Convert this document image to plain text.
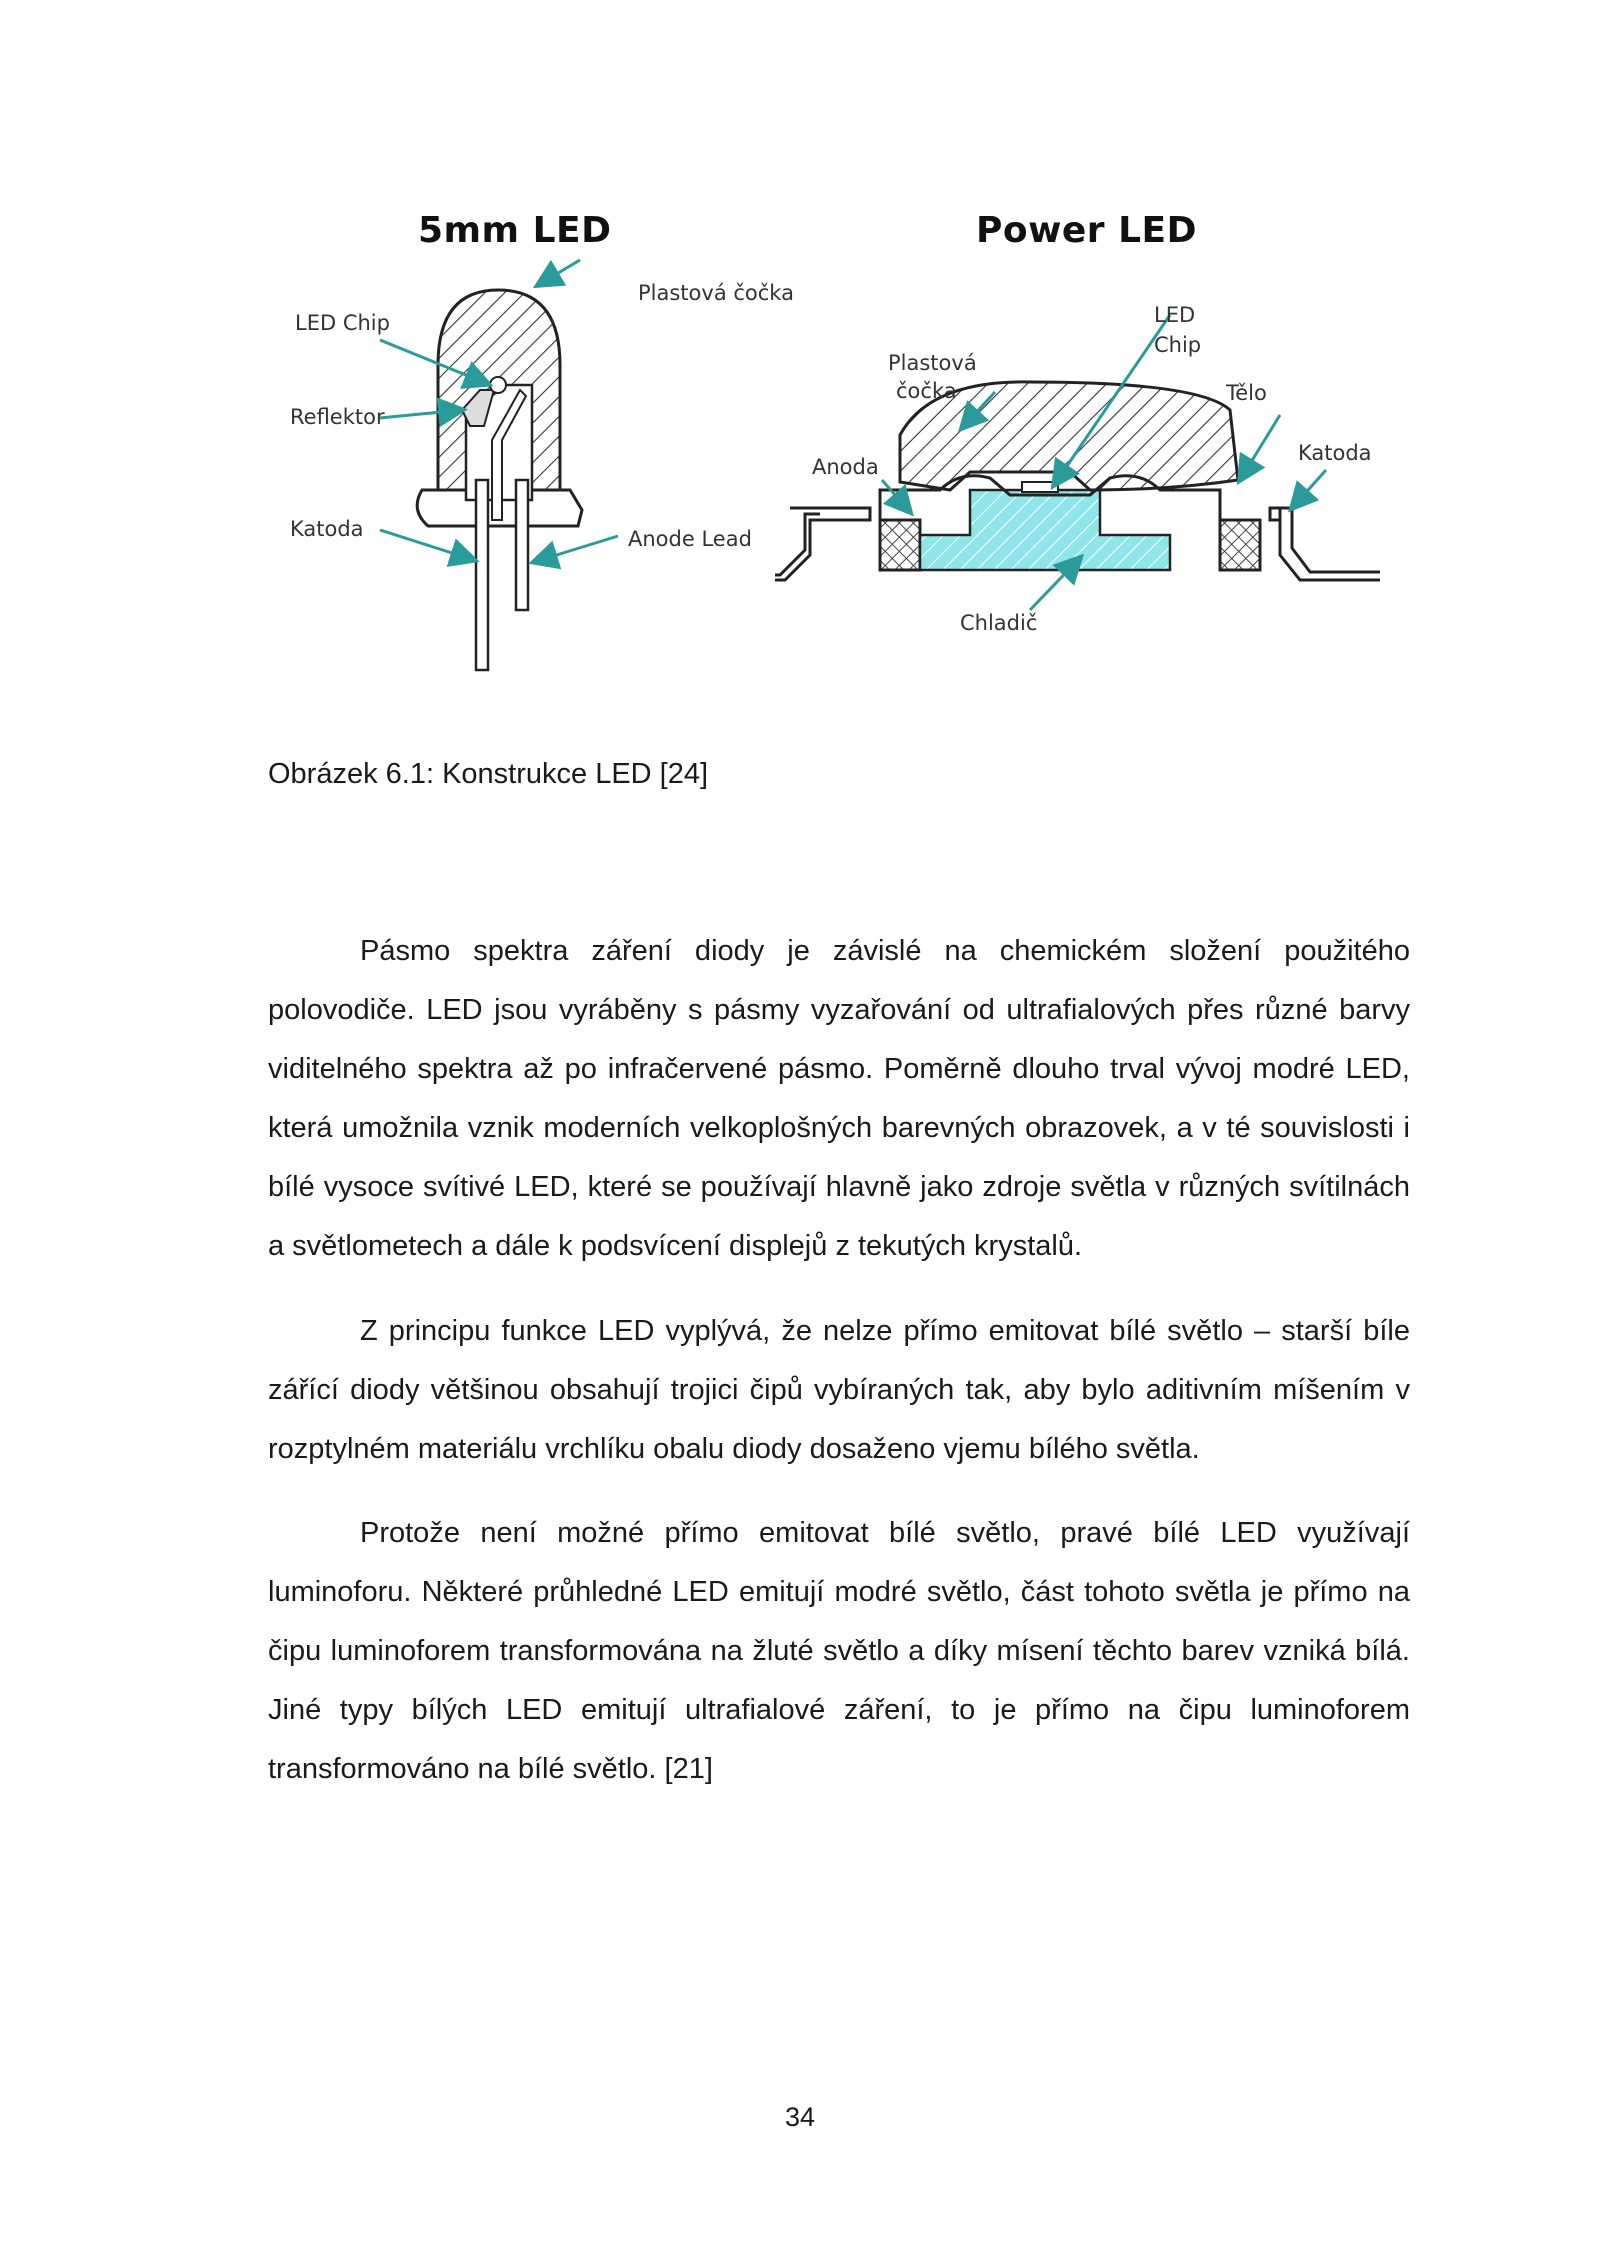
5mm LED	Power LED
Plastová čočka
LED Chip
Reflektor
Katoda	Anode Lead
LED
Chip
Plastová
čočka	Tělo
Katoda
Anoda
Chladič
Obrázek 6.1: Konstrukce LED [24]

Pásmo spektra záření diody je závislé na chemickém složení použitého polovodiče. LED jsou vyráběny s pásmy vyzařování od ultrafialových přes různé barvy viditelného spektra až po infračervené pásmo. Poměrně dlouho trval vývoj modré LED, která umožnila vznik moderních velkoplošných barevných obrazovek, a v té souvislosti i bílé vysoce svítivé LED, které se používají hlavně jako zdroje světla v různých svítilnách a světlometech a dále k podsvícení displejů z tekutých krystalů.

Z principu funkce LED vyplývá, že nelze přímo emitovat bílé světlo – starší bíle zářící diody většinou obsahují trojici čipů vybíraných tak, aby bylo aditivním míšením v rozptylném materiálu vrchlíku obalu diody dosaženo vjemu bílého světla.

Protože není možné přímo emitovat bílé světlo, pravé bílé LED využívají luminoforu. Některé průhledné LED emitují modré světlo, část tohoto světla je přímo na čipu luminoforem transformována na žluté světlo a díky mísení těchto barev vzniká bílá. Jiné typy bílých LED emitují ultrafialové záření, to je přímo na čipu luminoforem transformováno na bílé světlo. [21]

34
